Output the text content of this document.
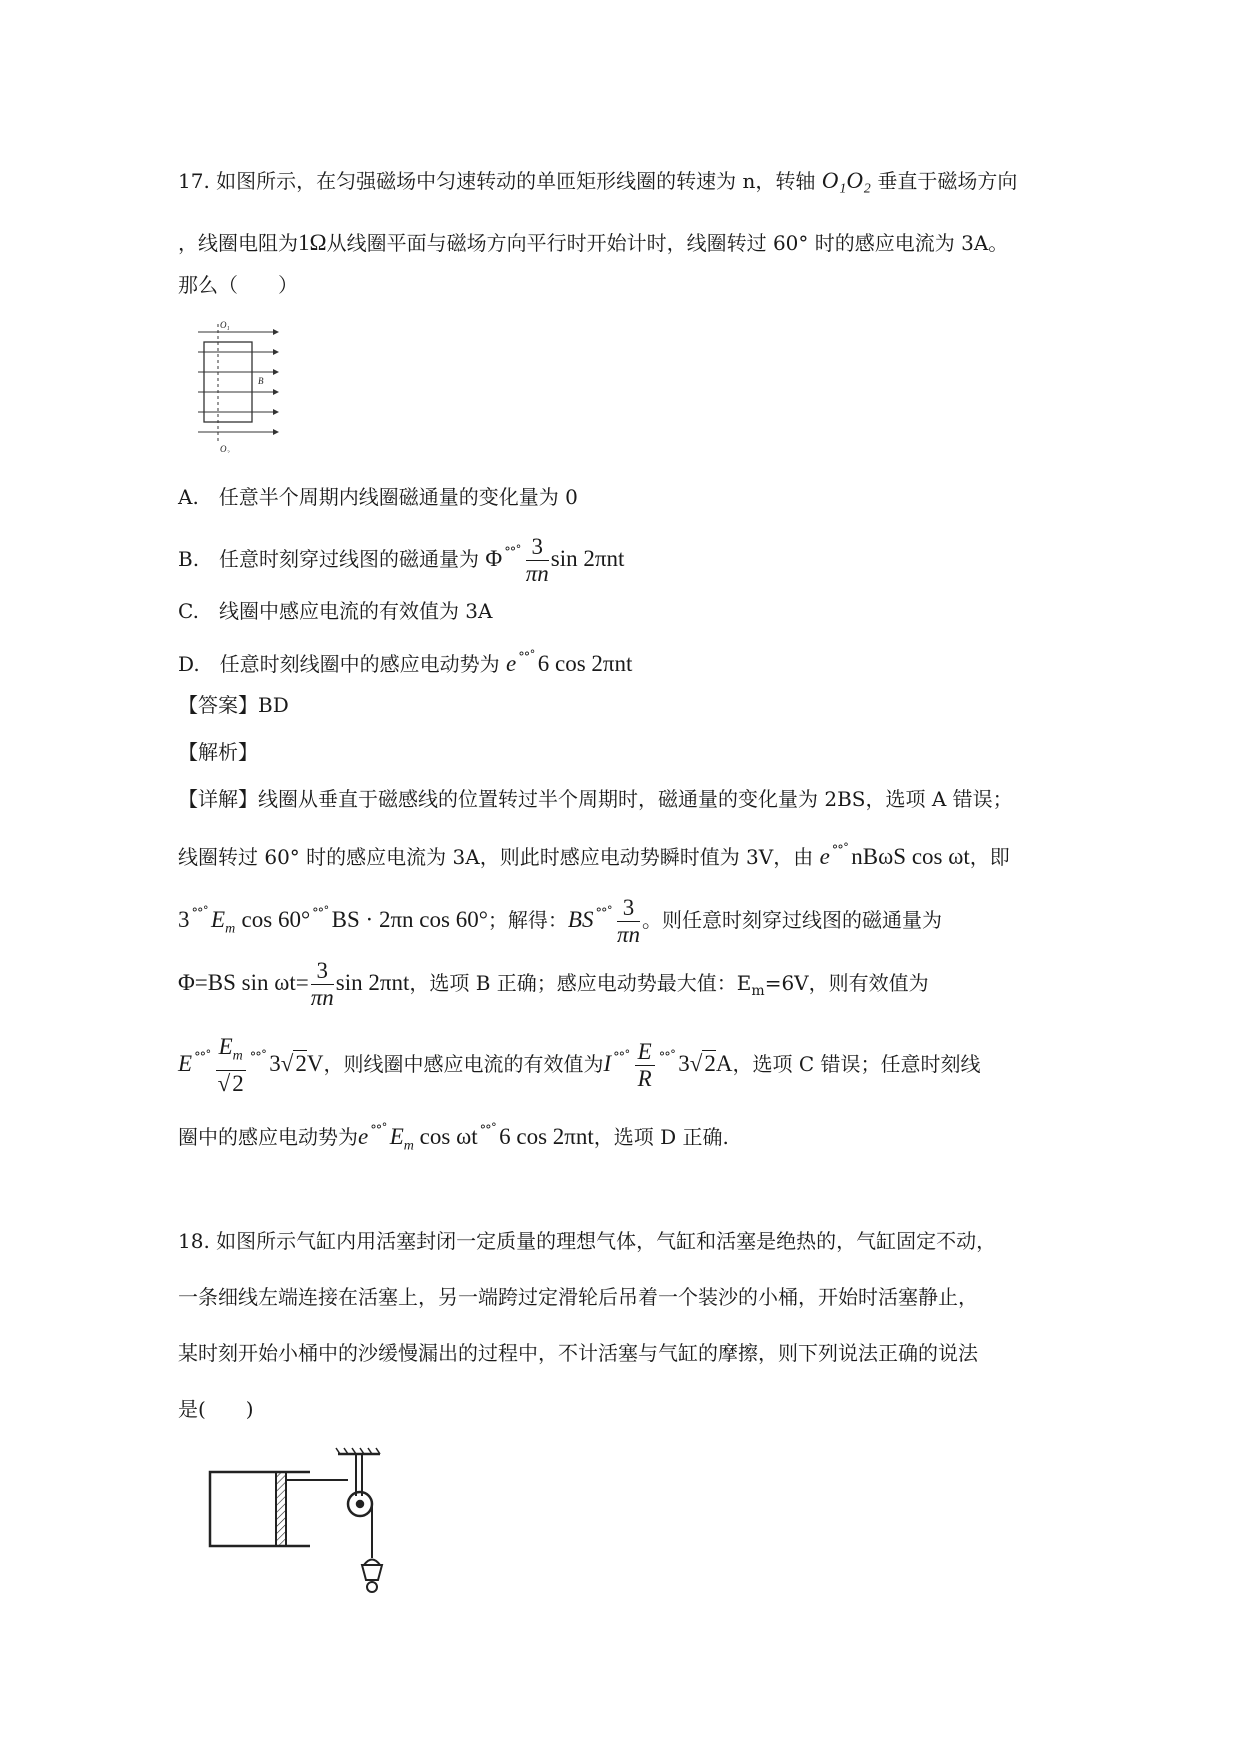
17. 如图所示，在匀强磁场中匀速转动的单匝矩形线圈的转速为 n，转轴 O₁O₂ 垂直于磁场方向
，线圈电阻为1Ω从线圈平面与磁场方向平行时开始计时，线圈转过 60° 时的感应电流为 3A。
那么（　　）
O₁
O₂
B
A.　任意半个周期内线圈磁通量的变化量为 0
B.　任意时刻穿过线图的磁通量为 Φ $^{^\circ^\circ˚} \frac{3}{\pi n}$ sin 2πnt
C.　线圈中感应电流的有效值为 3A
D.　任意时刻线圈中的感应电动势为 e °°˚ 6 cos 2πnt
【答案】BD
【解析】
【详解】线圈从垂直于磁感线的位置转过半个周期时，磁通量的变化量为 2BS，选项 A 错误；
线圈转过 60° 时的感应电流为 3A，则此时感应电动势瞬时值为 3V，由 e °°˚ nBωS cos ωt，即
3 °°˚ $E_m$ cos 60° °°˚ BS · 2πn cos 60°；解得：BS $^{^\circ^\circ˚} \frac{3}{\pi n}$ 。则任意时刻穿过线图的磁通量为
Φ=BS $\sin \omega t= \frac{3}{\pi n}$ sin 2πnt，选项 B 正确；感应电动势最大值：$E_m=6V$，则有效值为
E $^{^\circ^\circ˚} \frac{E_m}{√2} ^{^\circ^\circ˚}$ 3√2V，则线圈中感应电流的有效值为I $^{^\circ^\circ˚} \frac{E}{R} ^{^\circ^\circ˚}$ 3√2A，选项 C 错误；任意时刻线
圈中的感应电动势为e °°˚ $E_m$ cos ωt °°˚ 6 cos 2πnt，选项 D 正确.
18. 如图所示气缸内用活塞封闭一定质量的理想气体，气缸和活塞是绝热的，气缸固定不动，
一条细线左端连接在活塞上，另一端跨过定滑轮后吊着一个装沙的小桶，开始时活塞静止，
某时刻开始小桶中的沙缓慢漏出的过程中，不计活塞与气缸的摩擦，则下列说法正确的说法
是(　　)
